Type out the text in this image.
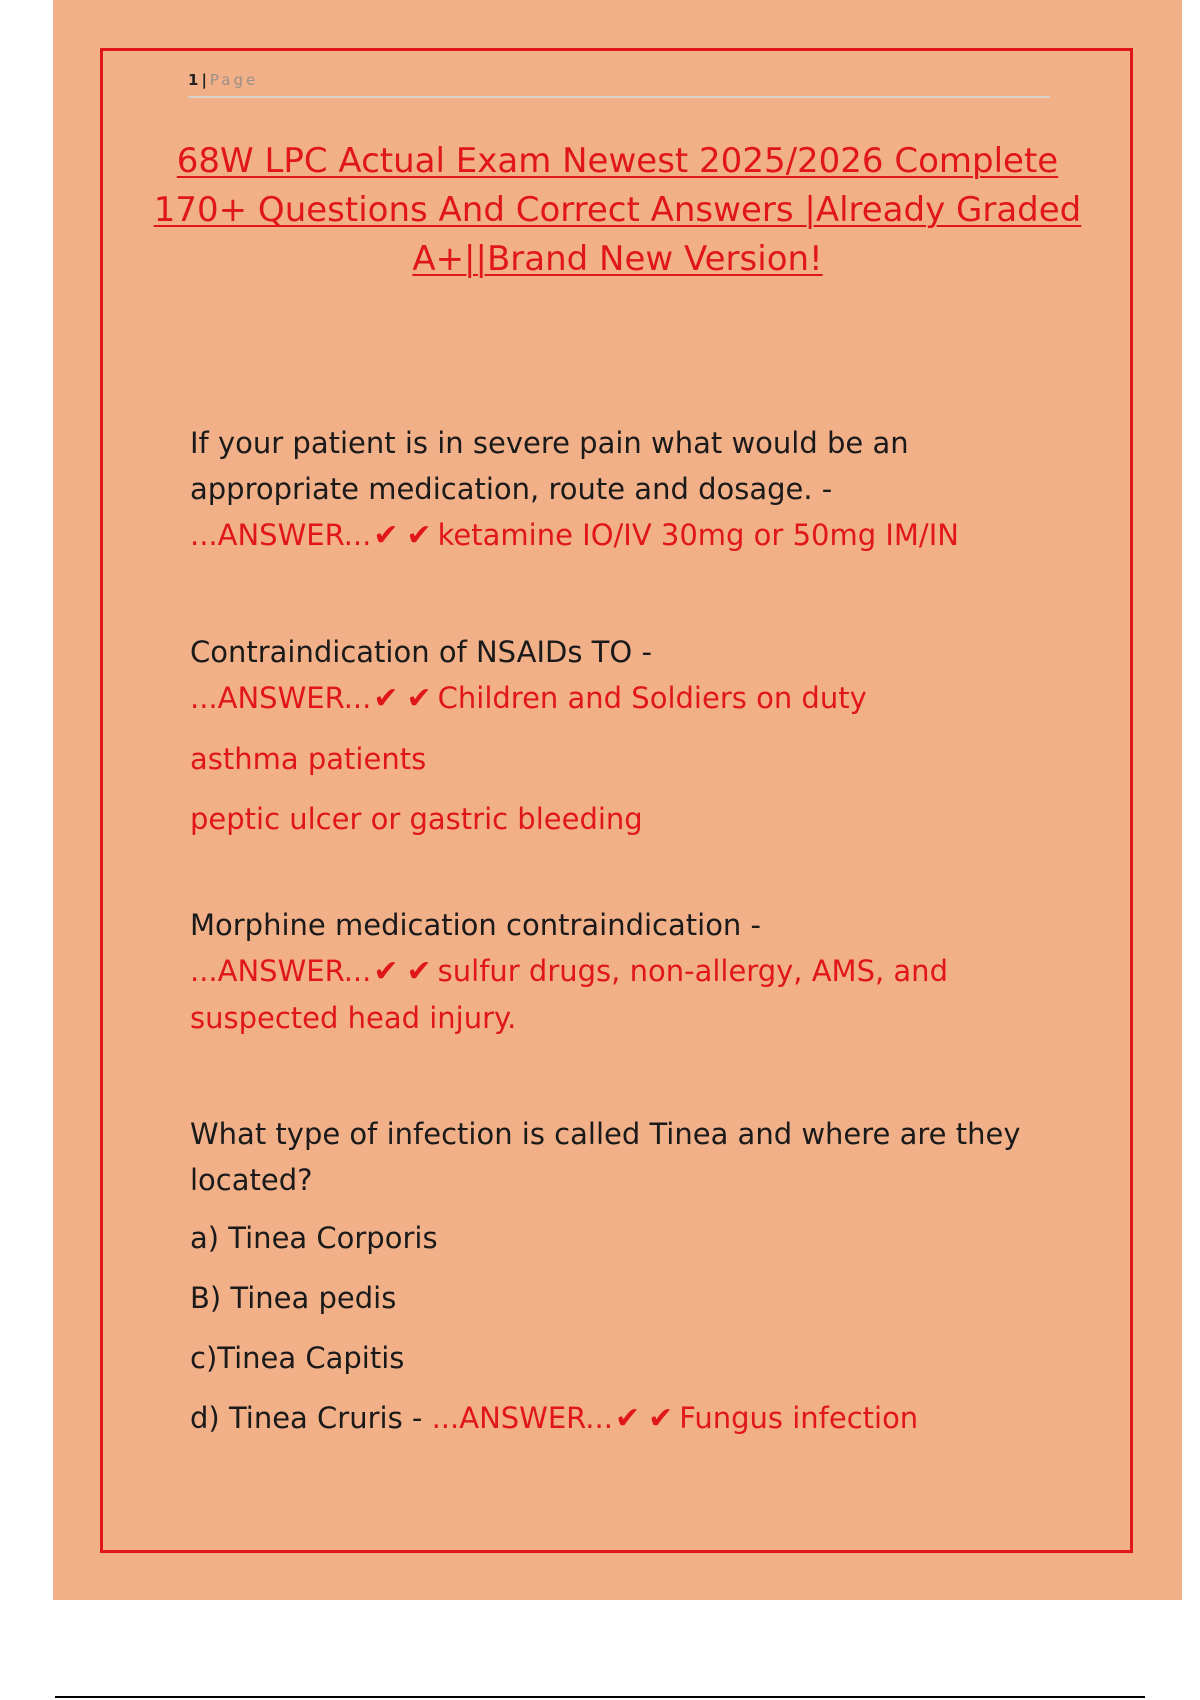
1 | Page
68W LPC Actual Exam Newest 2025/2026 Complete 170+ Questions And Correct Answers |Already Graded A+||Brand New Version!
If your patient is in severe pain what would be an appropriate medication, route and dosage. -
...ANSWER...✔ ✔ ketamine IO/IV 30mg or 50mg IM/IN
Contraindication of NSAIDs TO -
...ANSWER...✔ ✔ Children and Soldiers on duty
asthma patients
peptic ulcer or gastric bleeding
Morphine medication contraindication -
...ANSWER...✔ ✔ sulfur drugs, non-allergy, AMS, and suspected head injury.
What type of infection is called Tinea and where are they located?
a) Tinea Corporis
B) Tinea pedis
c)Tinea Capitis
d) Tinea Cruris - ...ANSWER...✔ ✔ Fungus infection
